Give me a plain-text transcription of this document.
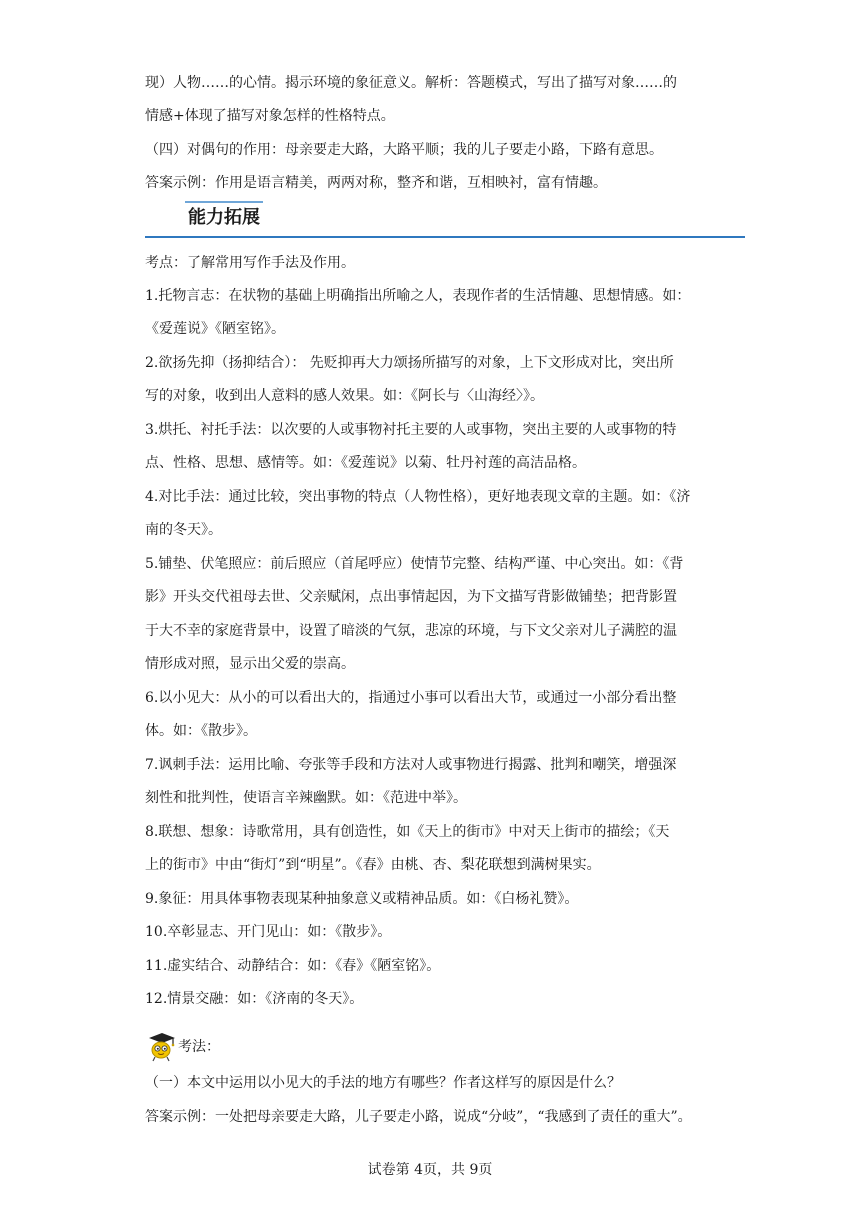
现）人物……的心情。揭示环境的象征意义。解析：答题模式，写出了描写对象……的
情感+体现了描写对象怎样的性格特点。
（四）对偶句的作用：母亲要走大路，大路平顺；我的儿子要走小路，下路有意思。
答案示例：作用是语言精美，两两对称，整齐和谐，互相映衬，富有情趣。
能力拓展
考点：了解常用写作手法及作用。
1.托物言志：在状物的基础上明确指出所喻之人，表现作者的生活情趣、思想情感。如：
《爱莲说》《陋室铭》。
2.欲扬先抑（扬抑结合）： 先贬抑再大力颂扬所描写的对象，上下文形成对比，突出所
写的对象，收到出人意料的感人效果。如：《阿长与〈山海经〉》。
3.烘托、衬托手法：以次要的人或事物衬托主要的人或事物，突出主要的人或事物的特
点、性格、思想、感情等。如：《爱莲说》以菊、牡丹衬莲的高洁品格。
4.对比手法：通过比较，突出事物的特点（人物性格），更好地表现文章的主题。如：《济
南的冬天》。
5.铺垫、伏笔照应：前后照应（首尾呼应）使情节完整、结构严谨、中心突出。如：《背
影》开头交代祖母去世、父亲赋闲，点出事情起因，为下文描写背影做铺垫；把背影置
于大不幸的家庭背景中，设置了暗淡的气氛，悲凉的环境，与下文父亲对儿子满腔的温
情形成对照，显示出父爱的崇高。
6.以小见大：从小的可以看出大的，指通过小事可以看出大节，或通过一小部分看出整
体。如：《散步》。
7.讽刺手法：运用比喻、夸张等手段和方法对人或事物进行揭露、批判和嘲笑，增强深
刻性和批判性，使语言辛辣幽默。如：《范进中举》。
8.联想、想象：诗歌常用，具有创造性，如《天上的街市》中对天上街市的描绘；《天
上的街市》中由“街灯”到“明星”。《春》由桃、杏、梨花联想到满树果实。
9.象征：用具体事物表现某种抽象意义或精神品质。如：《白杨礼赞》。
10.卒彰显志、开门见山：如：《散步》。
11.虚实结合、动静结合：如：《春》《陋室铭》。
12.情景交融：如：《济南的冬天》。
考法：
（一）本文中运用以小见大的手法的地方有哪些？作者这样写的原因是什么？
答案示例：一处把母亲要走大路，儿子要走小路，说成“分岐”，“我感到了责任的重大”。
试卷第 4页，共 9页
